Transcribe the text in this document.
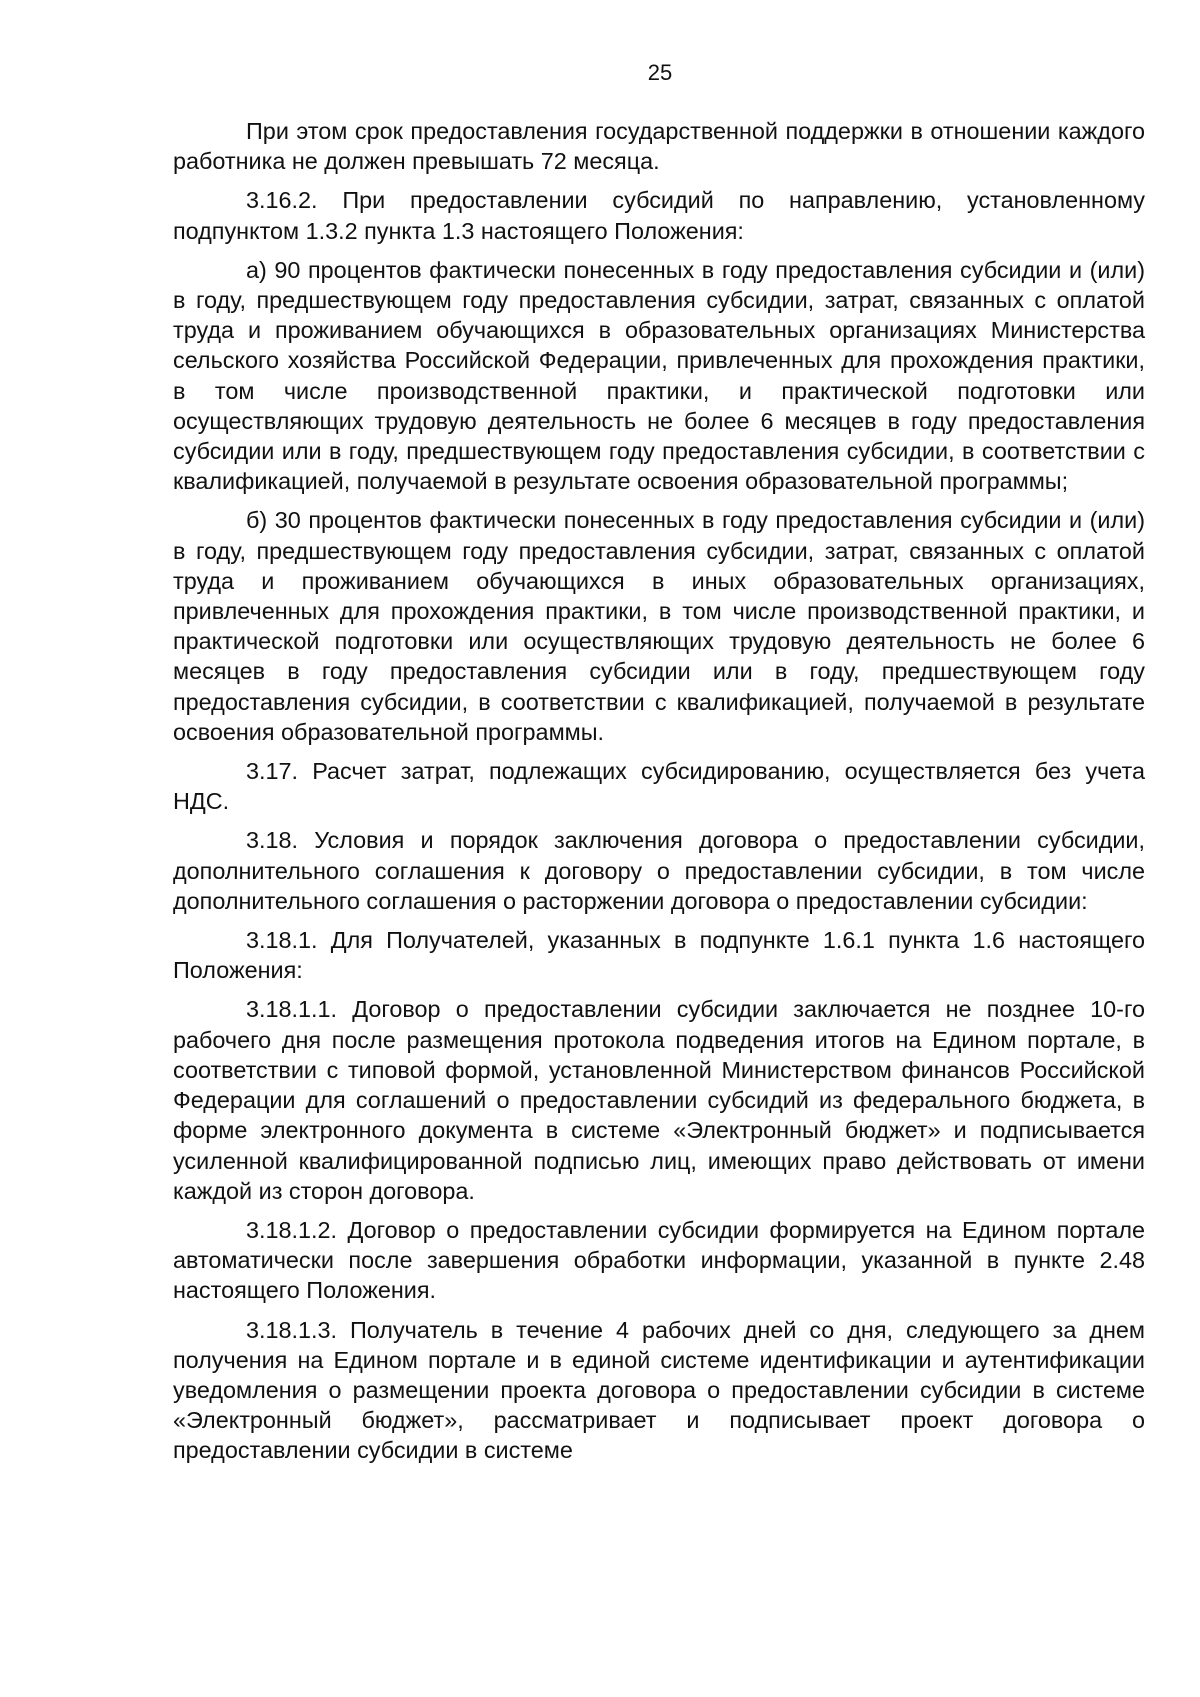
25

При этом срок предоставления государственной поддержки в отношении каждого работника не должен превышать 72 месяца.

3.16.2. При предоставлении субсидий по направлению, установленному подпунктом 1.3.2 пункта 1.3 настоящего Положения:

а) 90 процентов фактически понесенных в году предоставления субсидии и (или) в году, предшествующем году предоставления субсидии, затрат, связанных с оплатой труда и проживанием обучающихся в образовательных организациях Министерства сельского хозяйства Российской Федерации, привлеченных для прохождения практики, в том числе производственной практики, и практической подготовки или осуществляющих трудовую деятельность не более 6 месяцев в году предоставления субсидии или в году, предшествующем году предоставления субсидии, в соответствии с квалификацией, получаемой в результате освоения образовательной программы;

б) 30 процентов фактически понесенных в году предоставления субсидии и (или) в году, предшествующем году предоставления субсидии, затрат, связанных с оплатой труда и проживанием обучающихся в иных образовательных организациях, привлеченных для прохождения практики, в том числе производственной практики, и практической подготовки или осуществляющих трудовую деятельность не более 6 месяцев в году предоставления субсидии или в году, предшествующем году предоставления субсидии, в соответствии с квалификацией, получаемой в результате освоения образовательной программы.

3.17. Расчет затрат, подлежащих субсидированию, осуществляется без учета НДС.

3.18. Условия и порядок заключения договора о предоставлении субсидии, дополнительного соглашения к договору о предоставлении субсидии, в том числе дополнительного соглашения о расторжении договора о предоставлении субсидии:

3.18.1. Для Получателей, указанных в подпункте 1.6.1 пункта 1.6 настоящего Положения:

3.18.1.1. Договор о предоставлении субсидии заключается не позднее 10-го рабочего дня после размещения протокола подведения итогов на Едином портале, в соответствии с типовой формой, установленной Министерством финансов Российской Федерации для соглашений о предоставлении субсидий из федерального бюджета, в форме электронного документа в системе «Электронный бюджет» и подписывается усиленной квалифицированной подписью лиц, имеющих право действовать от имени каждой из сторон договора.

3.18.1.2. Договор о предоставлении субсидии формируется на Едином портале автоматически после завершения обработки информации, указанной в пункте 2.48 настоящего Положения.

3.18.1.3. Получатель в течение 4 рабочих дней со дня, следующего за днем получения на Едином портале и в единой системе идентификации и аутентификации уведомления о размещении проекта договора о предоставлении субсидии в системе «Электронный бюджет», рассматривает и подписывает проект договора о предоставлении субсидии в системе
